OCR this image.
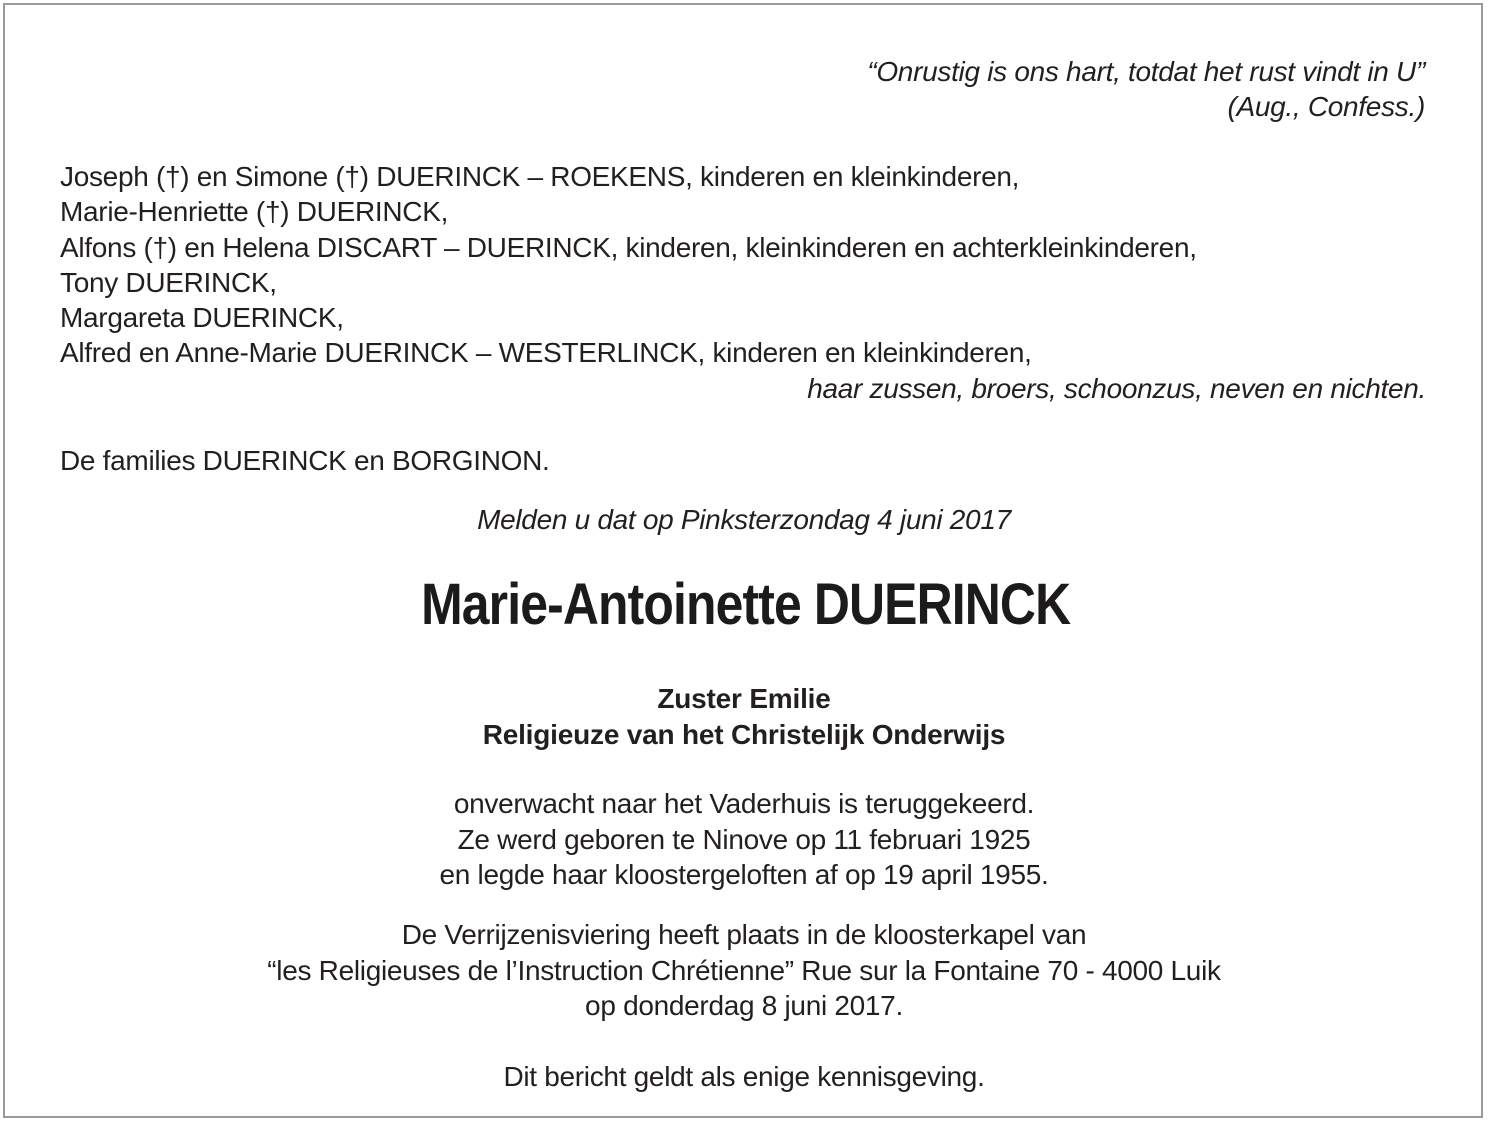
“Onrustig is ons hart, totdat het rust vindt in U”
(Aug., Confess.)
Joseph (†) en Simone (†) DUERINCK – ROEKENS, kinderen en kleinkinderen,
Marie-Henriette (†) DUERINCK,
Alfons (†) en Helena DISCART – DUERINCK, kinderen, kleinkinderen en achterkleinkinderen,
Tony DUERINCK,
Margareta DUERINCK,
Alfred en Anne-Marie DUERINCK – WESTERLINCK, kinderen en kleinkinderen,
haar zussen, broers, schoonzus, neven en nichten.
De families DUERINCK en BORGINON.
Melden u dat op Pinksterzondag 4 juni 2017
Marie-Antoinette DUERINCK
Zuster Emilie
Religieuze van het Christelijk Onderwijs
onverwacht naar het Vaderhuis is teruggekeerd.
Ze werd geboren te Ninove op 11 februari 1925
en legde haar kloostergeloften af op 19 april 1955.
De Verrijzenisviering heeft plaats in de kloosterkapel van
“les Religieuses de l’Instruction Chrétienne” Rue sur la Fontaine 70 - 4000 Luik
op donderdag 8 juni 2017.
Dit bericht geldt als enige kennisgeving.
